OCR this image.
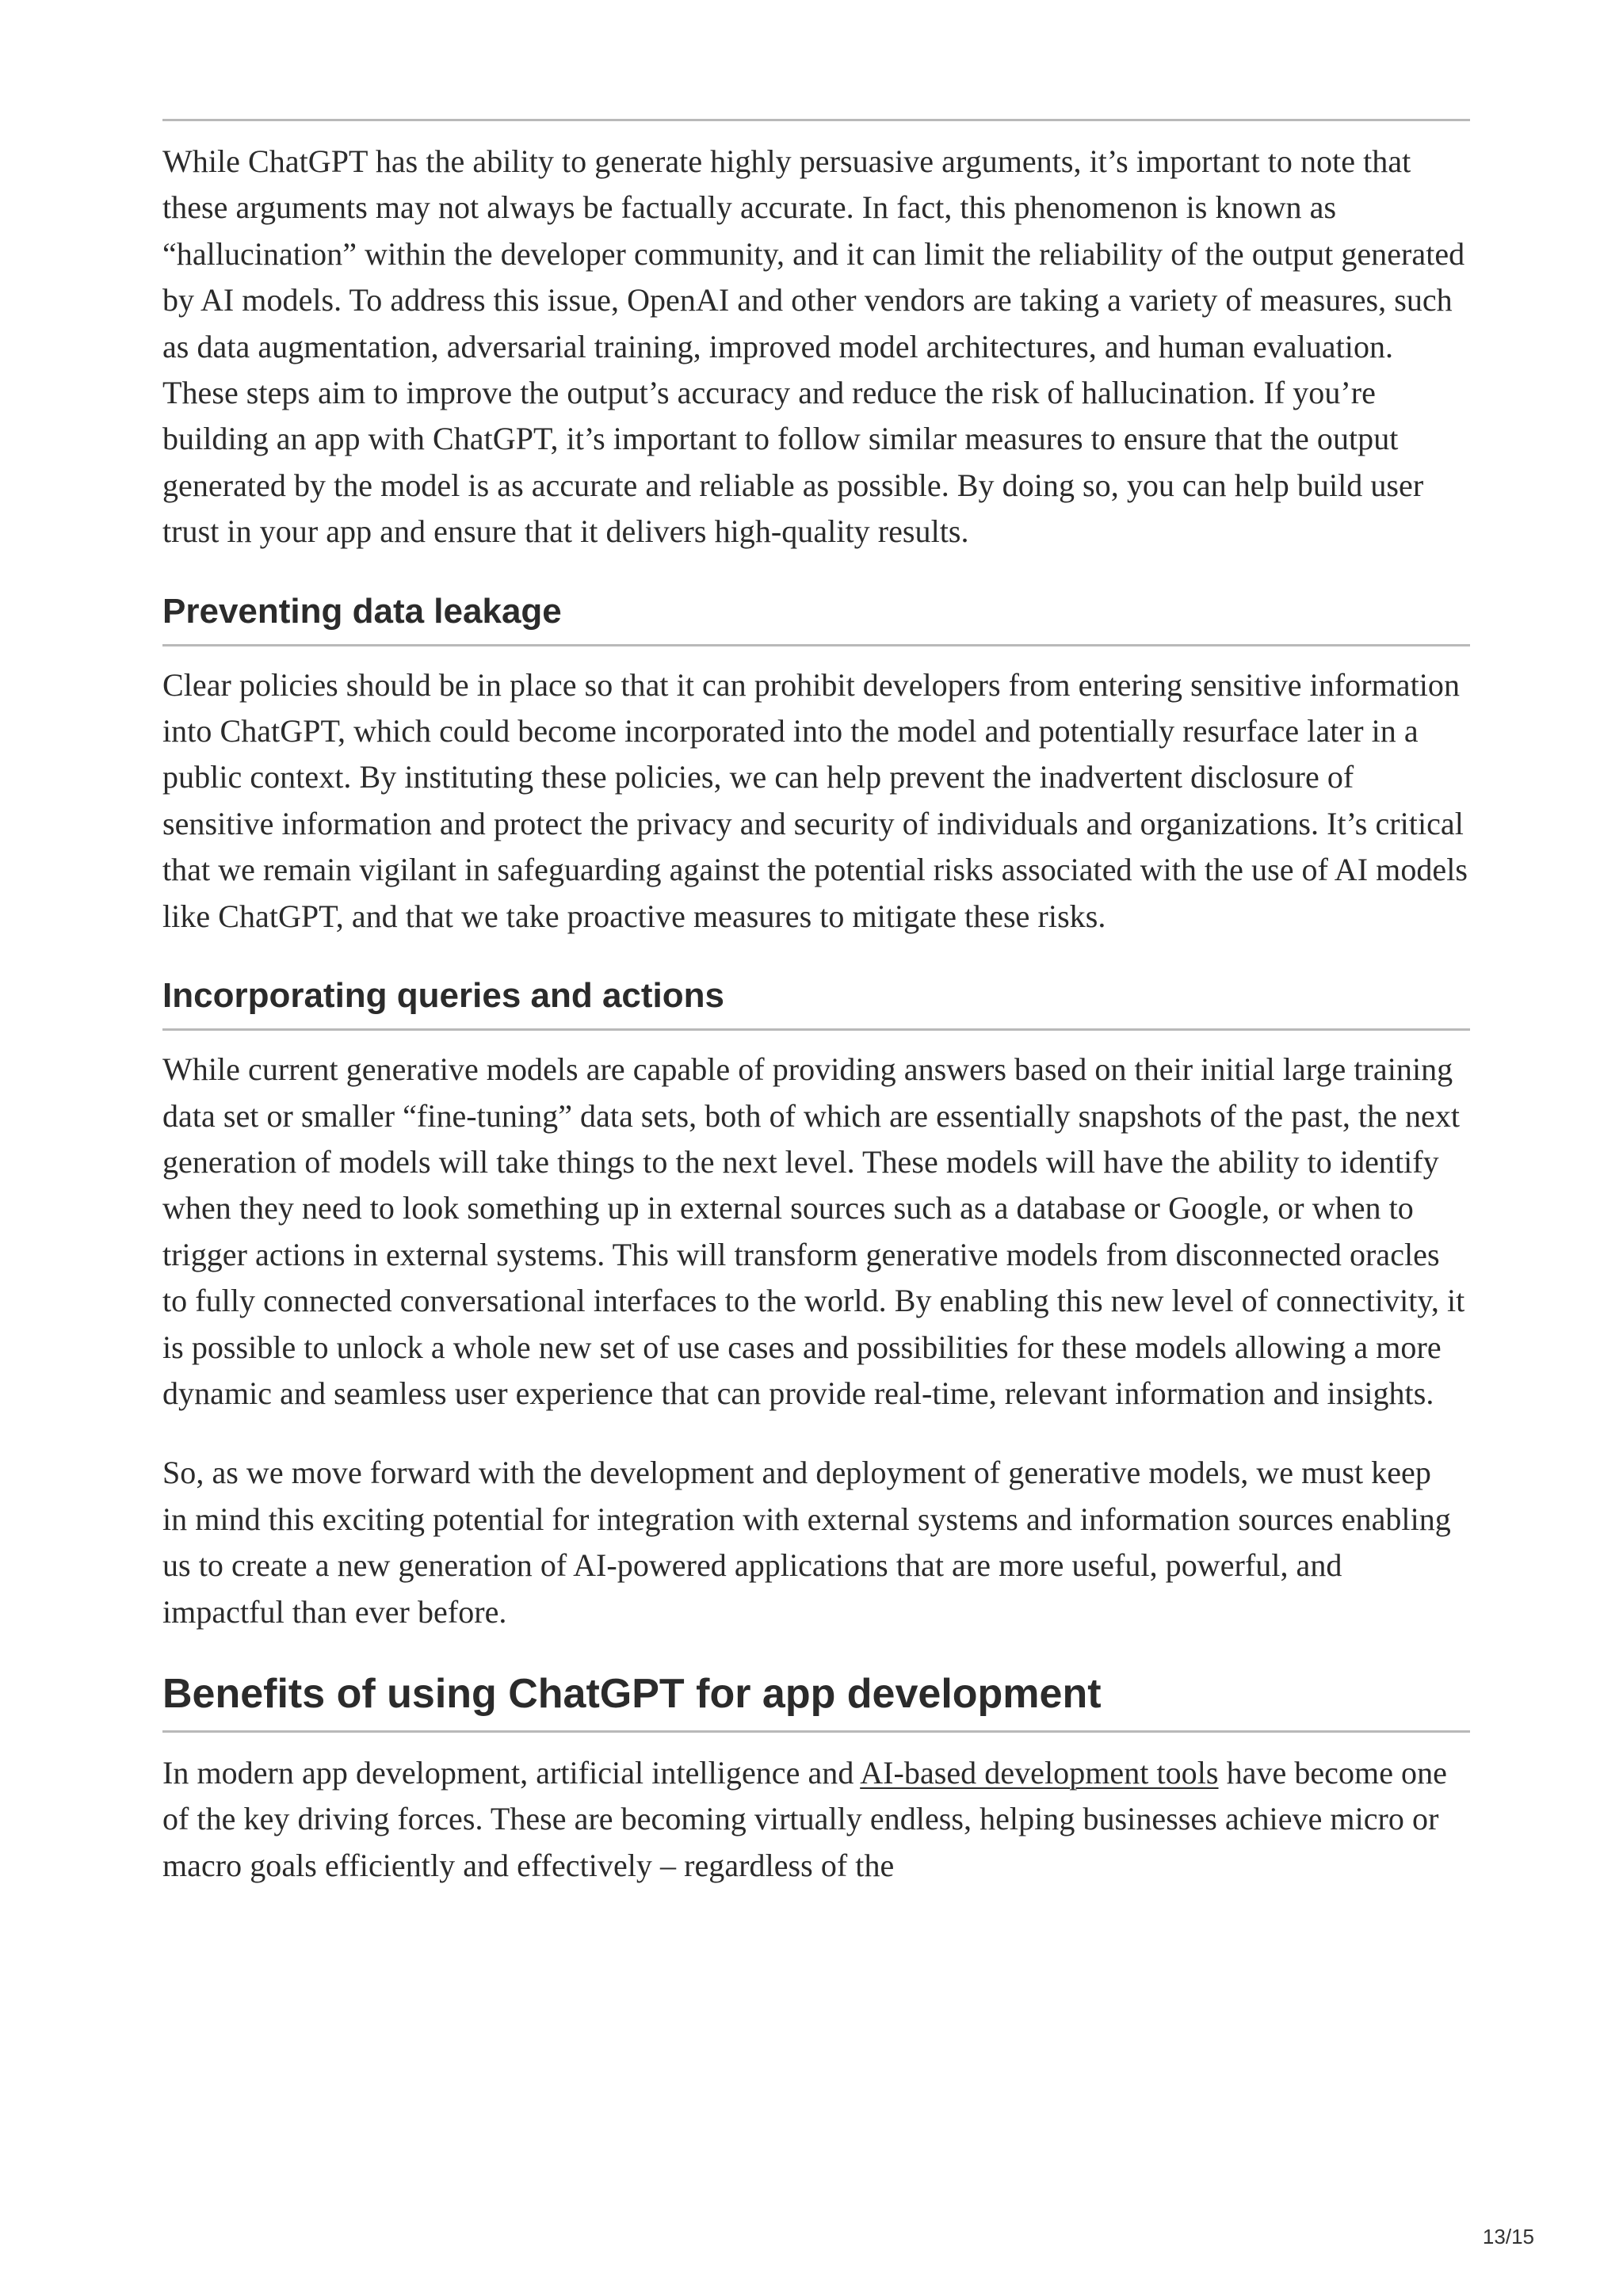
While ChatGPT has the ability to generate highly persuasive arguments, it’s important to note that these arguments may not always be factually accurate. In fact, this phenomenon is known as “hallucination” within the developer community, and it can limit the reliability of the output generated by AI models. To address this issue, OpenAI and other vendors are taking a variety of measures, such as data augmentation, adversarial training, improved model architectures, and human evaluation. These steps aim to improve the output’s accuracy and reduce the risk of hallucination. If you’re building an app with ChatGPT, it’s important to follow similar measures to ensure that the output generated by the model is as accurate and reliable as possible. By doing so, you can help build user trust in your app and ensure that it delivers high-quality results.

Preventing data leakage

Clear policies should be in place so that it can prohibit developers from entering sensitive information into ChatGPT, which could become incorporated into the model and potentially resurface later in a public context. By instituting these policies, we can help prevent the inadvertent disclosure of sensitive information and protect the privacy and security of individuals and organizations. It’s critical that we remain vigilant in safeguarding against the potential risks associated with the use of AI models like ChatGPT, and that we take proactive measures to mitigate these risks.

Incorporating queries and actions

While current generative models are capable of providing answers based on their initial large training data set or smaller “fine-tuning” data sets, both of which are essentially snapshots of the past, the next generation of models will take things to the next level. These models will have the ability to identify when they need to look something up in external sources such as a database or Google, or when to trigger actions in external systems. This will transform generative models from disconnected oracles to fully connected conversational interfaces to the world. By enabling this new level of connectivity, it is possible to unlock a whole new set of use cases and possibilities for these models allowing a more dynamic and seamless user experience that can provide real-time, relevant information and insights.

So, as we move forward with the development and deployment of generative models, we must keep in mind this exciting potential for integration with external systems and information sources enabling us to create a new generation of AI-powered applications that are more useful, powerful, and impactful than ever before.

Benefits of using ChatGPT for app development

In modern app development, artificial intelligence and AI-based development tools have become one of the key driving forces. These are becoming virtually endless, helping businesses achieve micro or macro goals efficiently and effectively – regardless of the

13/15
